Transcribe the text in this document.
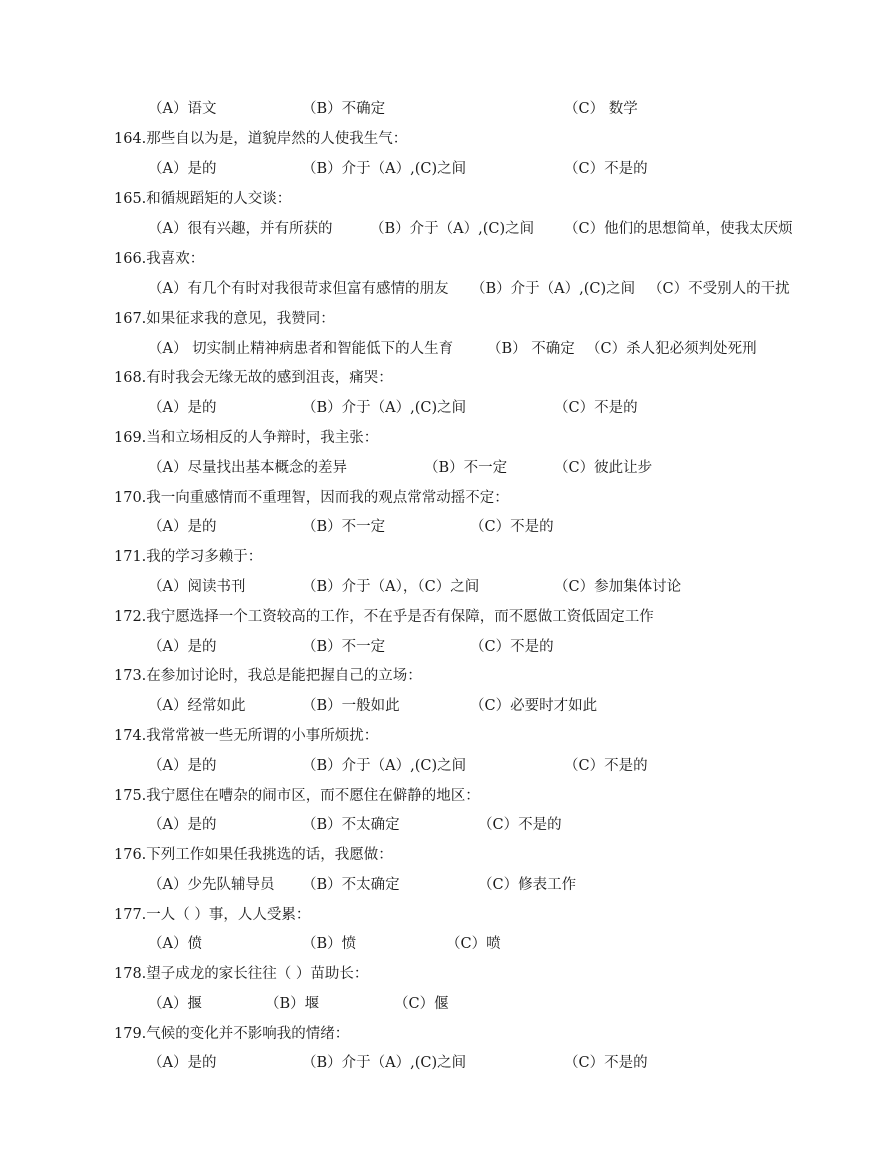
（A）语文	（B）不确定	（C） 数学
164.那些自以为是，道貌岸然的人使我生气：
（A）是的	（B）介于（A）,(C)之间	（C）不是的
165.和循规蹈矩的人交谈：
（A）很有兴趣，并有所获的	（B）介于（A）,(C)之间 （C）他们的思想简单，使我太厌烦
166.我喜欢：
（A）有几个有时对我很苛求但富有感情的朋友 （B）介于（A）,(C)之间 （C）不受别人的干扰
167.如果征求我的意见，我赞同：
（A） 切实制止精神病患者和智能低下的人生育 （B） 不确定 （C）杀人犯必须判处死刑
168.有时我会无缘无故的感到沮丧，痛哭：
（A）是的	（B）介于（A）,(C)之间	（C）不是的
169.当和立场相反的人争辩时，我主张：
（A）尽量找出基本概念的差异	（B）不一定	（C）彼此让步
170.我一向重感情而不重理智，因而我的观点常常动摇不定：
（A）是的	（B）不一定	（C）不是的
171.我的学习多赖于：
（A）阅读书刊	（B）介于（A），（C）之间	（C）参加集体讨论
172.我宁愿选择一个工资较高的工作，不在乎是否有保障，而不愿做工资低固定工作
（A）是的	（B）不一定	（C）不是的
173.在参加讨论时，我总是能把握自己的立场：
（A）经常如此	（B）一般如此	（C）必要时才如此
174.我常常被一些无所谓的小事所烦扰：
（A）是的	（B）介于（A）,(C)之间	（C）不是的
175.我宁愿住在嘈杂的闹市区，而不愿住在僻静的地区：
（A）是的	（B）不太确定	（C）不是的
176.下列工作如果任我挑选的话，我愿做：
（A）少先队辅导员 （B）不太确定	（C）修表工作
177.一人（ ）事，人人受累：
（A）偾	（B）愤	（C）喷
178.望子成龙的家长往往（ ）苗助长：
（A）揠	（B）堰	（C）偃
179.气候的变化并不影响我的情绪：
（A）是的	（B）介于（A）,(C)之间	（C）不是的
